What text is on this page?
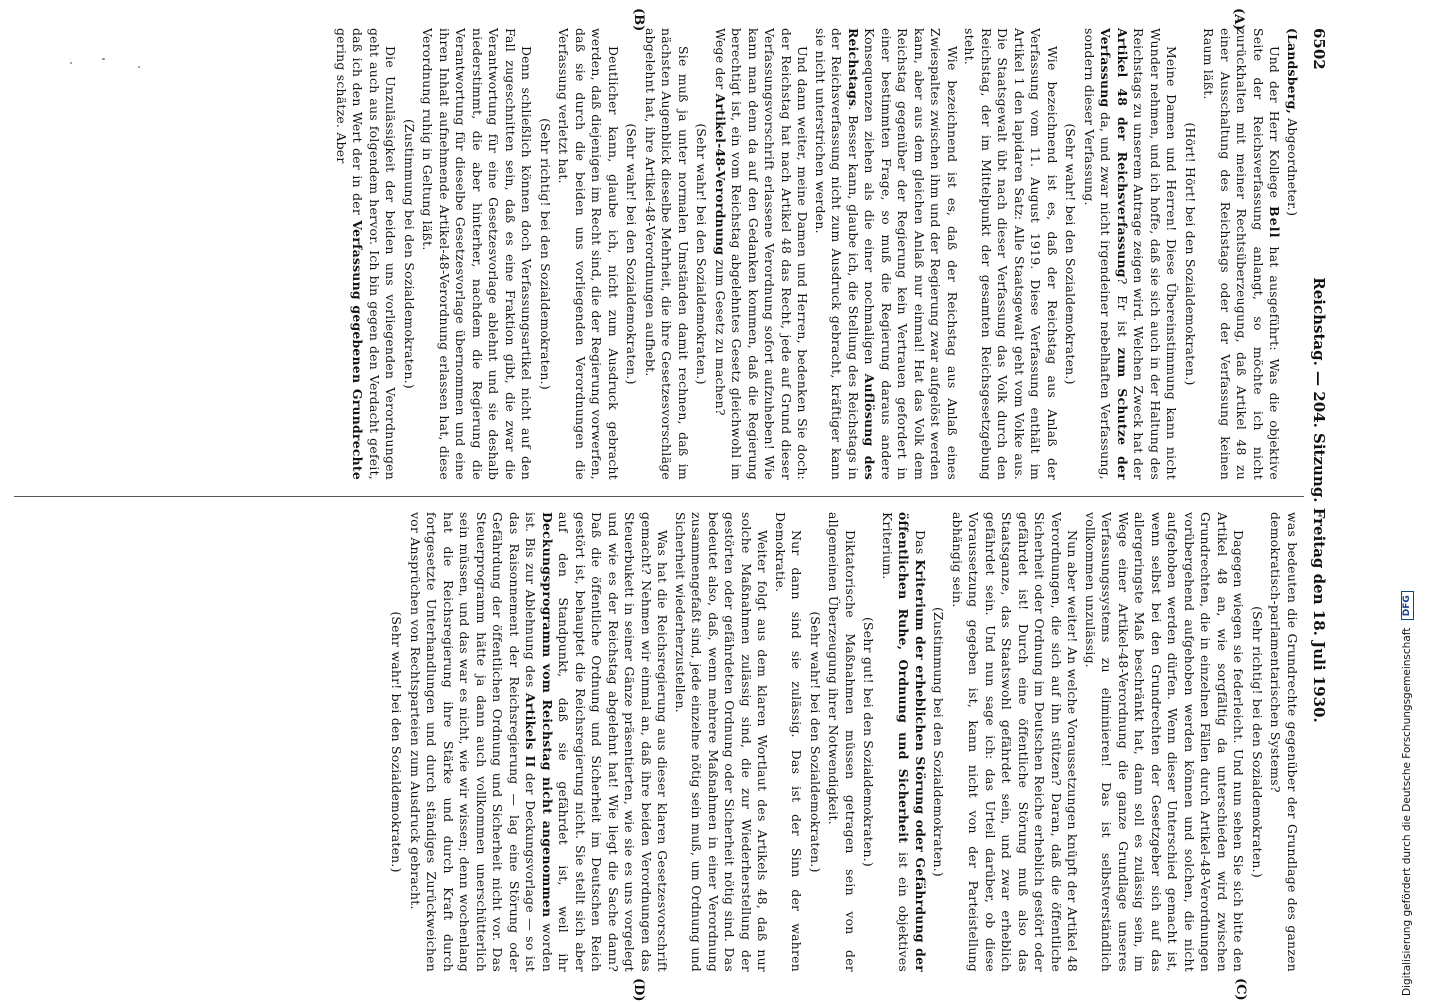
6502
Reichstag. — 204. Sitzung. Freitag den 18. Juli 1930.
(A)
(B)
(C)
(D)

(Landsberg, Abgeordneter.)

Und der Herr Kollege Bell hat ausgeführt: Was die objektive Seite der Reichsverfassung anlangt, so möchte ich nicht zurückhalten mit meiner Rechtsüberzeugung, daß Artikel 48 zu einer Ausschaltung des Reichstags oder der Verfassung keinen Raum läßt.

(Hört! Hört! bei den Sozialdemokraten.)

Meine Damen und Herren! Diese Übereinstimmung kann nicht Wunder nehmen, und ich hoffe, daß sie sich auch in der Haltung des Reichstags zu unserem Antrage zeigen wird. Welchen Zweck hat der Artikel 48 der Reichsverfassung? Er ist zum Schutze der Verfassung da, und zwar nicht irgendeiner nebelhaften Verfassung, sondern dieser Verfassung.

(Sehr wahr! bei den Sozialdemokraten.)

Wie bezeichnend ist es, daß der Reichstag aus Anlaß der Verfassung vom 11. August 1919. Diese Verfassung enthält im Artikel 1 den lapidaren Satz: Alle Staatsgewalt geht vom Volke aus. Die Staatsgewalt übt nach dieser Verfassung das Volk durch den Reichstag, der im Mittelpunkt der gesamten Reichsgesetzgebung steht.

Wie bezeichnend ist es, daß der Reichstag aus Anlaß eines Zwiespaltes zwischen ihm und der Regierung zwar aufgelöst werden kann, aber aus dem gleichen Anlaß nur einmal! Hat das Volk dem Reichstag gegenüber der Regierung kein Vertrauen gefordert in einer bestimmten Frage, so muß die Regierung daraus andere Konsequenzen ziehen als die einer nochmaligen Auflösung des Reichstags. Besser kann, glaube ich, die Stellung des Reichstags in der Reichsverfassung nicht zum Ausdruck gebracht, kräftiger kann sie nicht unterstrichen werden.

Und dann weiter, meine Damen und Herren, bedenken Sie doch: der Reichstag hat nach Artikel 48 das Recht, jede auf Grund dieser Verfassungsvorschrift erlassene Verordnung sofort aufzuheben! Wie kann man denn da auf den Gedanken kommen, daß die Regierung berechtigt ist, ein vom Reichstag abgelehntes Gesetz gleichwohl im Wege der Artikel-48-Verordnung zum Gesetz zu machen?

(Sehr wahr! bei den Sozialdemokraten.)

Sie muß ja unter normalen Umständen damit rechnen, daß im nächsten Augenblick dieselbe Mehrheit, die ihre Gesetzesvorschläge abgelehnt hat, ihre Artikel-48-Verordnungen aufhebt.

(Sehr wahr! bei den Sozialdemokraten.)

Deutlicher kann, glaube ich, nicht zum Ausdruck gebracht werden, daß diejenigen im Recht sind, die der Regierung vorwerfen, daß sie durch die beiden uns vorliegenden Verordnungen die Verfassung verletzt hat.

(Sehr richtig! bei den Sozialdemokraten.)

Denn schließlich können doch Verfassungsartikel nicht auf den Fall zugeschnitten sein, daß es eine Fraktion gibt, die zwar die Verantwortung für eine Gesetzesvorlage ablehnt und sie deshalb niederstimmt, die aber hinterher, nachdem die Regierung die Verantwortung für dieselbe Gesetzesvorlage übernommen und eine ihren Inhalt aufnehmende Artikel-48-Verordnung erlassen hat, diese Verordnung ruhig in Geltung läßt.

(Zustimmung bei den Sozialdemokraten.)

Die Unzulässigkeit der beiden uns vorliegenden Verordnungen geht auch aus folgendem hervor. Ich bin gegen den Verdacht gefeit, daß ich den Wert der in der Verfassung gegebenen Grundrechte gering schätze. Aber

was bedeuten die Grundrechte gegenüber der Grundlage des ganzen demokratisch-parlamentarischen Systems?

(Sehr richtig! bei den Sozialdemokraten.)

Dagegen wiegen sie federleicht. Und nun sehen Sie sich bitte den Artikel 48 an, wie sorgfältig da unterschieden wird zwischen Grundrechten, die in einzelnen Fällen durch Artikel-48-Verordnungen vorübergehend aufgehoben werden können und solchen, die nicht aufgehoben werden dürfen. Wenn dieser Unterschied gemacht ist, wenn selbst bei den Grundrechten der Gesetzgeber sich auf das allergeringste Maß beschränkt hat, dann soll es zulässig sein, im Wege einer Artikel-48-Verordnung die ganze Grundlage unseres Verfassungssystems zu eliminieren! Das ist selbstverständlich vollkommen unzulässig.

Nun aber weiter! An welche Voraussetzungen knüpft der Artikel 48 Verordnungen, die sich auf ihn stützen? Daran, daß die öffentliche Sicherheit oder Ordnung im Deutschen Reiche erheblich gestört oder gefährdet ist! Durch eine öffentliche Störung muß also das Staatsganze, das Staatswohl gefährdet sein, und zwar erheblich gefährdet sein. Und nun sage ich: das Urteil darüber, ob diese Voraussetzung gegeben ist, kann nicht von der Parteistellung abhängig sein.

(Zustimmung bei den Sozialdemokraten.)

Das Kriterium der erheblichen Störung oder Gefährdung der öffentlichen Ruhe, Ordnung und Sicherheit ist ein objektives Kriterium.

(Sehr gut! bei den Sozialdemokraten.)

Diktatorische Maßnahmen müssen getragen sein von der allgemeinen Überzeugung ihrer Notwendigkeit.

(Sehr wahr! bei den Sozialdemokraten.)

Nur dann sind sie zulässig. Das ist der Sinn der wahren Demokratie.

Weiter folgt aus dem klaren Wortlaut des Artikels 48, daß nur solche Maßnahmen zulässig sind, die zur Wiederherstellung der gestörten oder gefährdeten Ordnung oder Sicherheit nötig sind. Das bedeutet also, daß, wenn mehrere Maßnahmen in einer Verordnung zusammengefaßt sind, jede einzelne nötig sein muß, um Ordnung und Sicherheit wiederherzustellen.

Was hat die Reichsregierung aus dieser klaren Gesetzesvorschrift gemacht? Nehmen wir einmal an, daß ihre beiden Verordnungen das Steuerbukett in seiner Gänze präsentierten, wie sie es uns vorgelegt und wie es der Reichstag abgelehnt hat! Wie liegt die Sache dann? Daß die öffentliche Ordnung und Sicherheit im Deutschen Reich gestört ist, behauptet die Reichsregierung nicht. Sie stellt sich aber auf den Standpunkt, daß sie gefährdet ist, weil ihr Deckungsprogramm vom Reichstag nicht angenommen worden ist. Bis zur Ablehnung des Artikels II der Deckungsvorlage — so ist das Raisonnement der Reichsregierung — lag eine Störung oder Gefährdung der öffentlichen Ordnung und Sicherheit nicht vor. Das Steuerprogramm hätte ja dann auch vollkommen unerschütterlich sein müssen, und das war es nicht, wie wir wissen; denn wochenlang hat die Reichsregierung ihre Stärke und durch Kraft durch fortgesetzte Unterhandlungen und durch ständiges Zurückweichen vor Ansprüchen von Rechtsparteien zum Ausdruck gebracht.

(Sehr wahr! bei den Sozialdemokraten.)	Digitalisierung gefördert durch die Deutsche Forschungsgemeinschaft DFG
